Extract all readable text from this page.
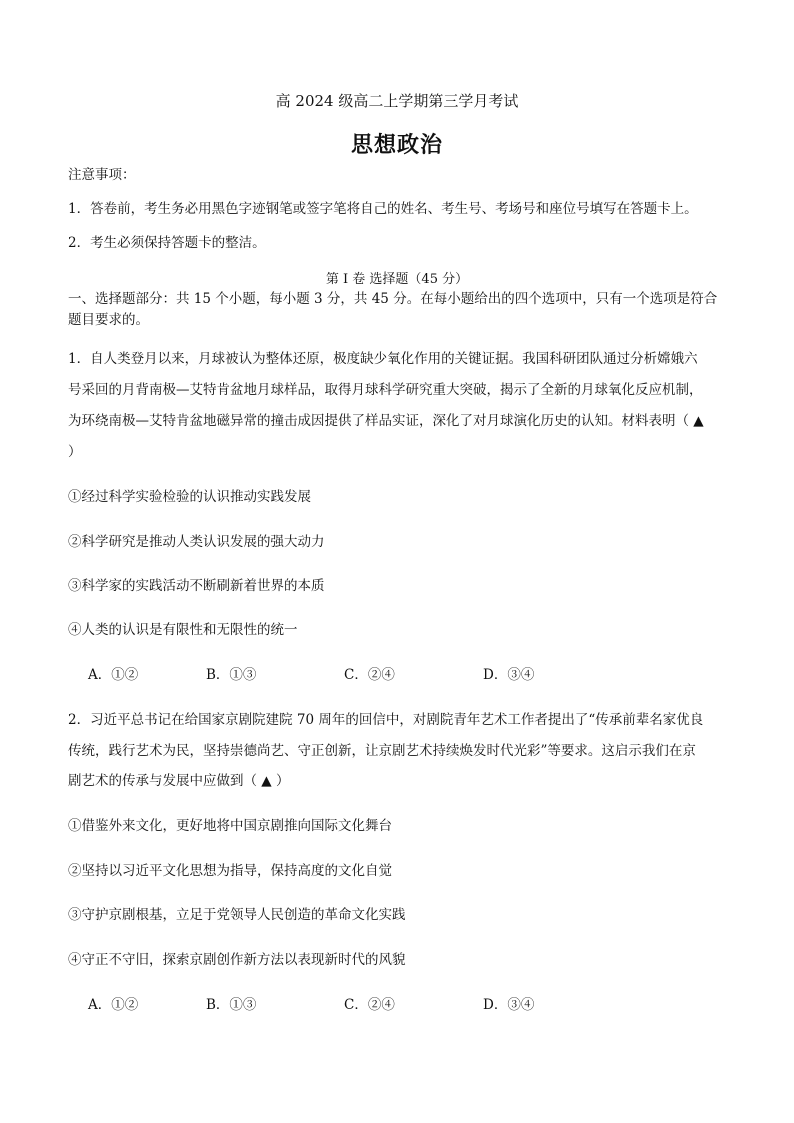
高 2024 级高二上学期第三学月考试
思想政治
注意事项：
1．答卷前，考生务必用黑色字迹钢笔或签字笔将自己的姓名、考生号、考场号和座位号填写在答题卡上。
2．考生必须保持答题卡的整洁。
第 I 卷 选择题（45 分）
一、选择题部分：共 15 个小题，每小题 3 分，共 45 分。在每小题给出的四个选项中，只有一个选项是符合
题目要求的。
1．自人类登月以来，月球被认为整体还原，极度缺少氧化作用的关键证据。我国科研团队通过分析嫦娥六
号采回的月背南极—艾特肯盆地月球样品，取得月球科学研究重大突破，揭示了全新的月球氧化反应机制，
为环绕南极—艾特肯盆地磁异常的撞击成因提供了样品实证，深化了对月球演化历史的认知。材料表明（ ▲
）
①经过科学实验检验的认识推动实践发展
②科学研究是推动人类认识发展的强大动力
③科学家的实践活动不断刷新着世界的本质
④人类的认识是有限性和无限性的统一
A．①②	B．①③	C．②④	D．③④
2．习近平总书记在给国家京剧院建院 70 周年的回信中，对剧院青年艺术工作者提出了“传承前辈名家优良
传统，践行艺术为民，坚持崇德尚艺、守正创新，让京剧艺术持续焕发时代光彩”等要求。这启示我们在京
剧艺术的传承与发展中应做到（ ▲ ）
①借鉴外来文化，更好地将中国京剧推向国际文化舞台
②坚持以习近平文化思想为指导，保持高度的文化自觉
③守护京剧根基，立足于党领导人民创造的革命文化实践
④守正不守旧，探索京剧创作新方法以表现新时代的风貌
A．①②	B．①③	C．②④	D．③④
